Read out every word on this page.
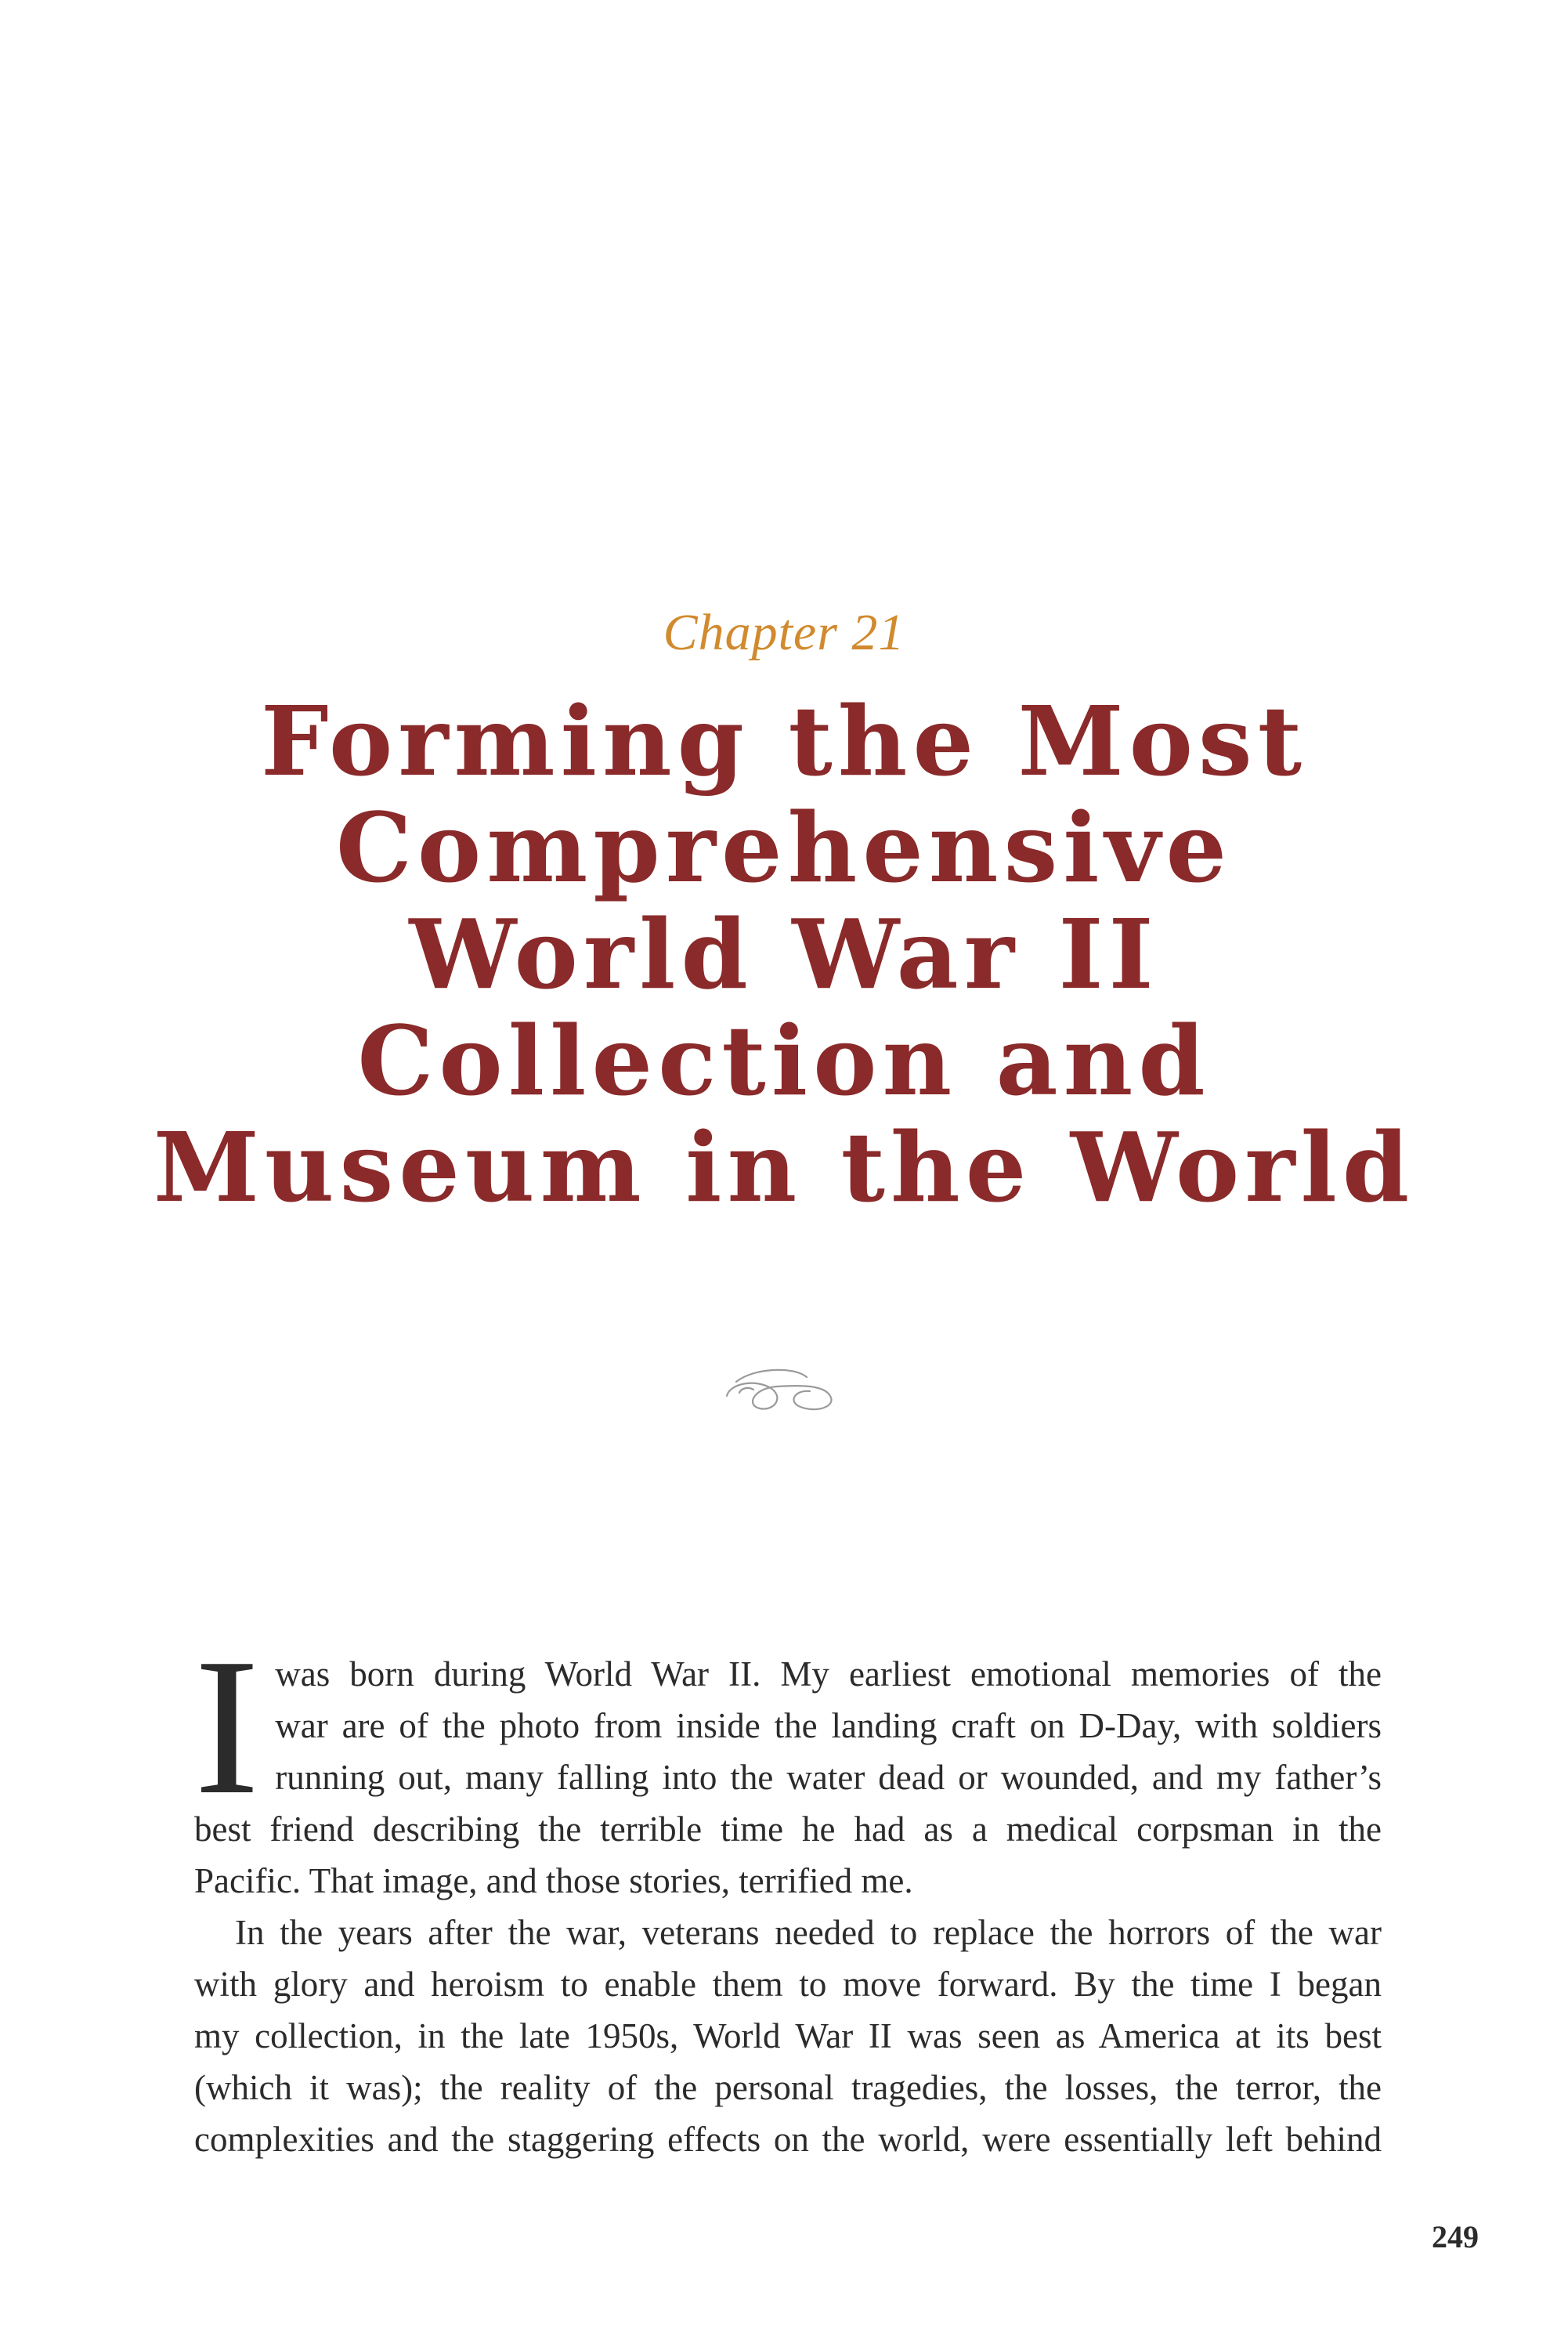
Chapter 21
Forming the Most
Comprehensive
World War II
Collection and
Museum in the World

I was born during World War II. My earliest emotional memories of the
war are of the photo from inside the landing craft on D-Day, with soldiers
running out, many falling into the water dead or wounded, and my father’s
best friend describing the terrible time he had as a medical corpsman in the
Pacific. That image, and those stories, terrified me.

In the years after the war, veterans needed to replace the horrors of the war
with glory and heroism to enable them to move forward. By the time I began
my collection, in the late 1950s, World War II was seen as America at its best
(which it was); the reality of the personal tragedies, the losses, the terror, the
complexities and the staggering effects on the world, were essentially left behind

249
